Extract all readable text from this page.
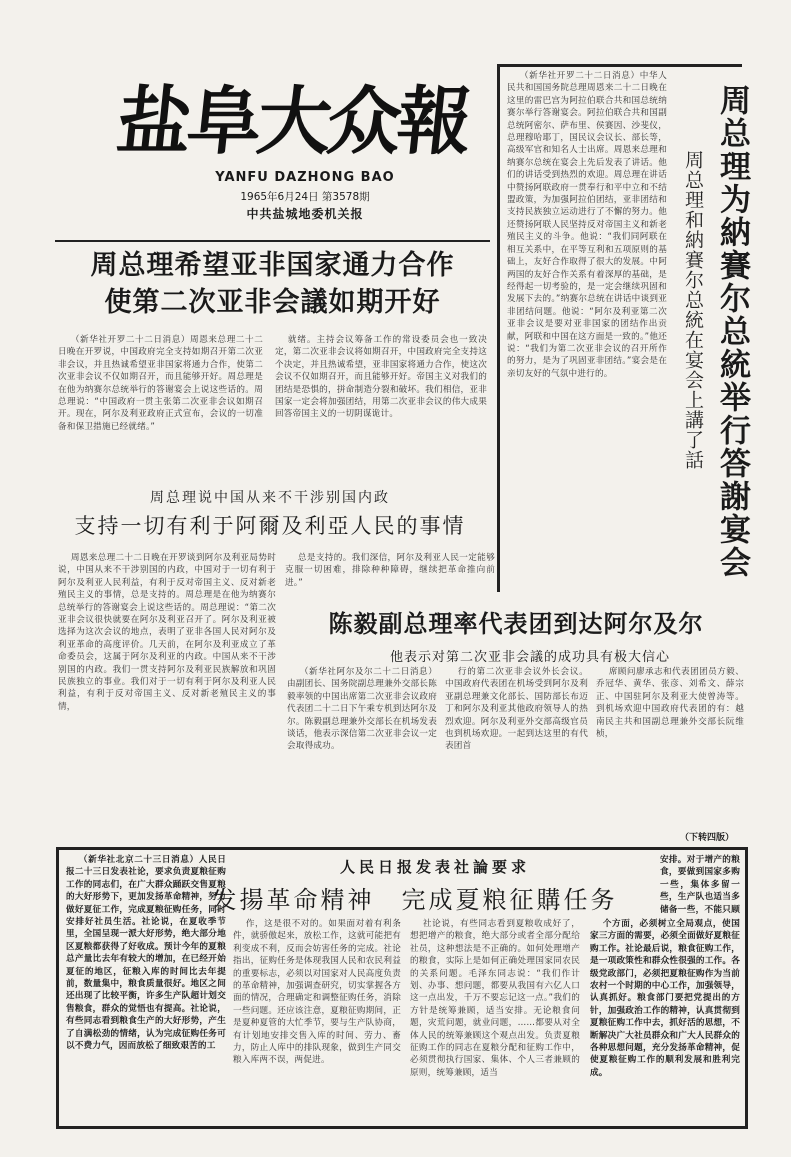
盐阜大众報
YANFU DAZHONG BAO
1965年6月24日 第3578期
中共盐城地委机关报	周总理为納賽尔总統举行答謝宴会
周总理和納賽尔总統在宴会上講了話
（新华社开罗二十二日消息）中华人民共和国国务院总理周恩来二十二日晚在这里的雷巴宫为阿拉伯联合共和国总统纳赛尔举行答谢宴会。阿拉伯联合共和国副总统阿密尔、萨布里、侯赛因、沙斐仪，总理穆哈耶丁，国民议会议长、部长等，高级军官和知名人士出席。周恩来总理和纳赛尔总统在宴会上先后发表了讲话。他们的讲话受到热烈的欢迎。周总理在讲话中赞扬阿联政府一贯奉行和平中立和不结盟政策，为加强阿拉伯团结，亚非团结和支持民族独立运动进行了不懈的努力。他还赞扬阿联人民坚持反对帝国主义和新老殖民主义的斗争。他说：“我们同阿联在相互关系中，在平等互利和五项原则的基础上，友好合作取得了很大的发展。中阿两国的友好合作关系有着深厚的基础，是经得起一切考验的，是一定会继续巩固和发展下去的。”纳赛尔总统在讲话中谈到亚非团结问题。他说：“阿尔及利亚第二次亚非会议是要对亚非国家的团结作出贡献，阿联和中国在这方面是一致的。”他还说：“我们为第二次亚非会议的召开所作的努力，是为了巩固亚非团结。”宴会是在亲切友好的气氛中进行的。
周总理希望亚非国家通力合作
使第二次亚非会議如期开好
（新华社开罗二十二日消息）周恩来总理二十二日晚在开罗说，中国政府完全支持如期召开第二次亚非会议，并且热诚希望亚非国家将通力合作，使第二次亚非会议不仅如期召开，而且能够开好。周总理是在他为纳赛尔总统举行的答谢宴会上说这些话的。周总理说：“中国政府一贯主张第二次亚非会议如期召开。现在，阿尔及利亚政府正式宣布，会议的一切准备和保卫措施已经就绪。”
就绪。主持会议筹备工作的常设委员会也一致决定，第二次亚非会议将如期召开，中国政府完全支持这个决定，并且热诚希望，亚非国家将通力合作，使这次会议不仅如期召开，而且能够开好。帝国主义对我们的团结是恐惧的，拼命制造分裂和破坏。我们相信，亚非国家一定会将加强团结，用第二次亚非会议的伟大成果回答帝国主义的一切阴谋诡计。
周总理说中国从来不干涉别国内政
支持一切有利于阿爾及利亞人民的事情
周恩来总理二十二日晚在开罗谈到阿尔及利亚局势时说，中国从来不干涉别国的内政，中国对于一切有利于阿尔及利亚人民利益，有利于反对帝国主义、反对新老殖民主义的事情，总是支持的。周总理是在他为纳赛尔总统举行的答谢宴会上说这些话的。周总理说：“第二次亚非会议很快就要在阿尔及利亚召开了。阿尔及利亚被选择为这次会议的地点，表明了亚非各国人民对阿尔及利亚革命的高度评价。几天前，在阿尔及利亚成立了革命委员会，这属于阿尔及利亚的内政。中国从来不干涉别国的内政。我们一贯支持阿尔及利亚民族解放和巩固民族独立的事业。我们对于一切有利于阿尔及利亚人民利益，有利于反对帝国主义、反对新老殖民主义的事情，
总是支持的。我们深信，阿尔及利亚人民一定能够克服一切困难，排除种种障碍，继续把革命推向前进。”
陈毅副总理率代表团到达阿尔及尔
他表示对第二次亚非会議的成功具有极大信心
（新华社阿尔及尔二十二日消息）由副团长、国务院副总理兼外交部长陈毅率领的中国出席第二次亚非会议政府代表团二十二日下午乘专机到达阿尔及尔。陈毅副总理兼外交部长在机场发表谈话，他表示深信第二次亚非会议一定会取得成功。
行的第二次亚非会议外长会议。中国政府代表团在机场受到阿尔及利亚副总理兼文化部长、国防部长布迈丁和阿尔及利亚其他政府领导人的热烈欢迎。阿尔及利亚外交部高级官员也到机场欢迎。一起到达这里的有代表团首
席顾问廖承志和代表团团员方毅、乔冠华、黄华、张彦、刘希文、薛宗正、中国驻阿尔及利亚大使曾涛等。到机场欢迎中国政府代表团的有：越南民主共和国副总理兼外交部长阮维桢，
（下转四版）
人民日报发表社論要求
发揚革命精神　完成夏粮征購任务
（新华社北京二十三日消息）人民日报二十三日发表社论，要求负责夏粮征购工作的同志们，在广大群众踊跃交售夏粮的大好形势下，更加发扬革命精神，努力做好夏征工作，完成夏粮征购任务，同时安排好社员生活。社论说，在夏收季节里，全国呈现一派大好形势，绝大部分地区夏粮都获得了好收成。预计今年的夏粮总产量比去年有较大的增加，在已经开始夏征的地区，征粮入库的时间比去年提前，数量集中，粮食质量很好。地区之间还出现了比较平衡，许多生产队超计划交售粮食，群众的觉悟也有提高。社论说，有些同志看到粮食生产的大好形势，产生了自满松劲的情绪，认为完成征购任务可以不费力气，因而放松了细致艰苦的工
作，这是很不对的。如果面对着有利条件，就骄傲起来，放松工作，这就可能把有利变成不利，反而会妨害任务的完成。社论指出，征购任务是体现我国人民和农民利益的重要标志，必须以对国家对人民高度负责的革命精神，加强调查研究，切实掌握各方面的情况，合理确定和调整征购任务，消除一些问题。还应该注意，夏粮征购期间，正是夏种夏管的大忙季节，要与生产队协商，有计划地安排交售入库的时间、劳力、畜力，防止人库中的排队现象，做到生产同交粮入库两不误，两促进。
社论说，有些同志看到夏粮收成好了，想把增产的粮食，绝大部分或者全部分配给社员，这种想法是不正确的。如何处理增产的粮食，实际上是如何正确处理国家同农民的关系问题。毛泽东同志说：“我们作计划、办事、想问题，都要从我国有六亿人口这一点出发，千万不要忘记这一点。”我们的方针是统筹兼顾，适当安排。无论粮食问题，灾荒问题，就业问题，……都要从对全体人民的统筹兼顾这个观点出发。负责夏粮征购工作的同志在夏粮分配和征购工作中，必须贯彻执行国家、集体、个人三者兼顾的原则，统筹兼顾，适当
个方面，必须树立全局观点，使国家三方面的需要，必须全面做好夏粮征购工作。社论最后说，粮食征购工作，是一项政策性和群众性很强的工作。各级党政部门，必须把夏粮征购作为当前农村一个时期的中心工作，加强领导，认真抓好。粮食部门要把党提出的方针，加强政治工作的精神，认真贯彻到夏粮征购工作中去，抓好活的思想，不断解决广大社员群众和广大人民群众的各种思想问题，充分发扬革命精神，促使夏粮征购工作的顺利发展和胜利完成。
安排。对于增产的粮食，要做到国家多购一些，集体多留一些，生产队也适当多储备一些，不能只顾
